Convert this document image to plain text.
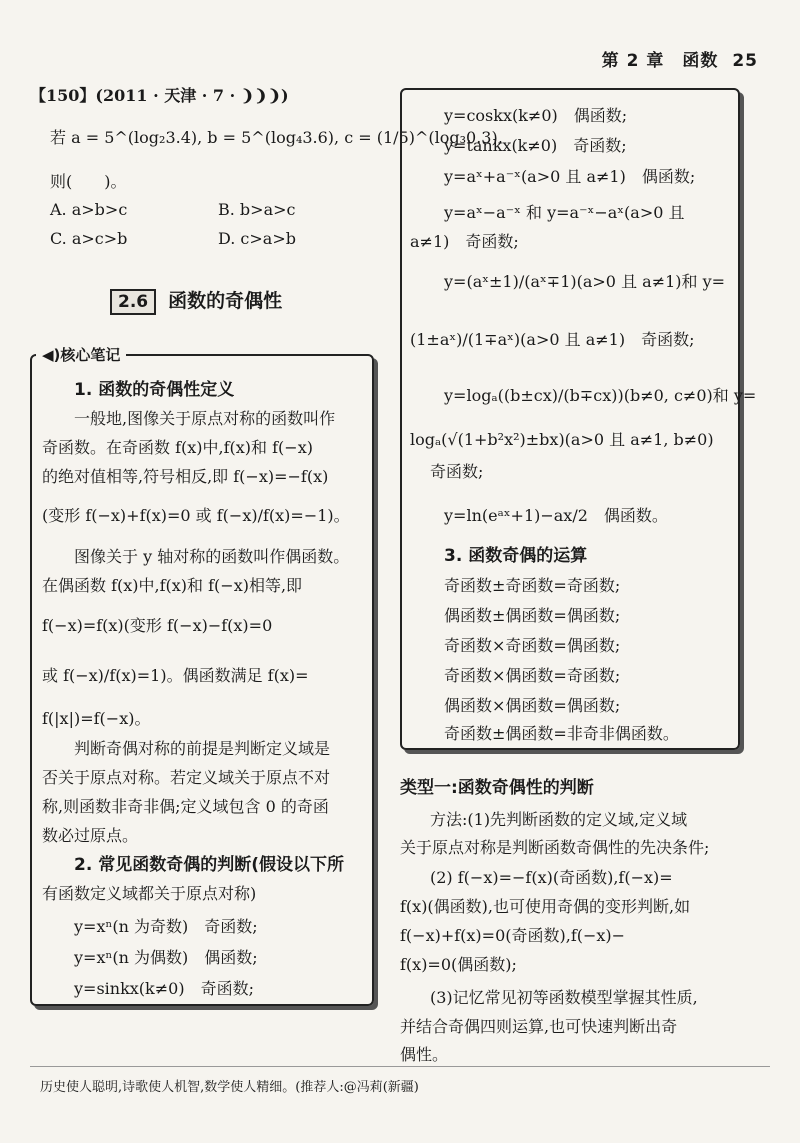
第 2 章　函数 25
【150】(2011 · 天津 · 7 · ❩❩❩)
若 a = 5^(log₂3.4), b = 5^(log₄3.6), c = (1/5)^(log₃0.3),
则(　　)。
A. a>b>c	B. b>a>c
C. a>c>b	D. c>a>b
2.6 函数的奇偶性
◀)核心笔记
1. 函数的奇偶性定义
一般地,图像关于原点对称的函数叫作
奇函数。在奇函数 f(x)中,f(x)和 f(−x)
的绝对值相等,符号相反,即 f(−x)=−f(x)
(变形 f(−x)+f(x)=0 或 f(−x)/f(x)=−1)。
图像关于 y 轴对称的函数叫作偶函数。
在偶函数 f(x)中,f(x)和 f(−x)相等,即
f(−x)=f(x)(变形 f(−x)−f(x)=0
或 f(−x)/f(x)=1)。偶函数满足 f(x)=
f(|x|)=f(−x)。
判断奇偶对称的前提是判断定义域是
否关于原点对称。若定义域关于原点不对
称,则函数非奇非偶;定义域包含 0 的奇函
数必过原点。
2. 常见函数奇偶的判断(假设以下所
有函数定义域都关于原点对称)
y=xⁿ(n 为奇数)　奇函数;
y=xⁿ(n 为偶数)　偶函数;
y=sinkx(k≠0)　奇函数;
y=coskx(k≠0)　偶函数;
y=tankx(k≠0)　奇函数;
y=aˣ+a⁻ˣ(a>0 且 a≠1)　偶函数;
y=aˣ−a⁻ˣ 和 y=a⁻ˣ−aˣ(a>0 且
a≠1)　奇函数;
y=(aˣ±1)/(aˣ∓1)(a>0 且 a≠1)和 y=
(1±aˣ)/(1∓aˣ)(a>0 且 a≠1)　奇函数;
y=logₐ((b±cx)/(b∓cx))(b≠0, c≠0)和 y=
logₐ(√(1+b²x²)±bx)(a>0 且 a≠1, b≠0)
奇函数;
y=ln(eᵃˣ+1)−ax/2　偶函数。
3. 函数奇偶的运算
奇函数±奇函数=奇函数;
偶函数±偶函数=偶函数;
奇函数×奇函数=偶函数;
奇函数×偶函数=奇函数;
偶函数×偶函数=偶函数;
奇函数±偶函数=非奇非偶函数。
类型一:函数奇偶性的判断
方法:(1)先判断函数的定义域,定义域
关于原点对称是判断函数奇偶性的先决条件;
(2) f(−x)=−f(x)(奇函数),f(−x)=
f(x)(偶函数),也可使用奇偶的变形判断,如
f(−x)+f(x)=0(奇函数),f(−x)−
f(x)=0(偶函数);
(3)记忆常见初等函数模型掌握其性质,
并结合奇偶四则运算,也可快速判断出奇
偶性。
历史使人聪明,诗歌使人机智,数学使人精细。(推荐人:@冯莉(新疆)
